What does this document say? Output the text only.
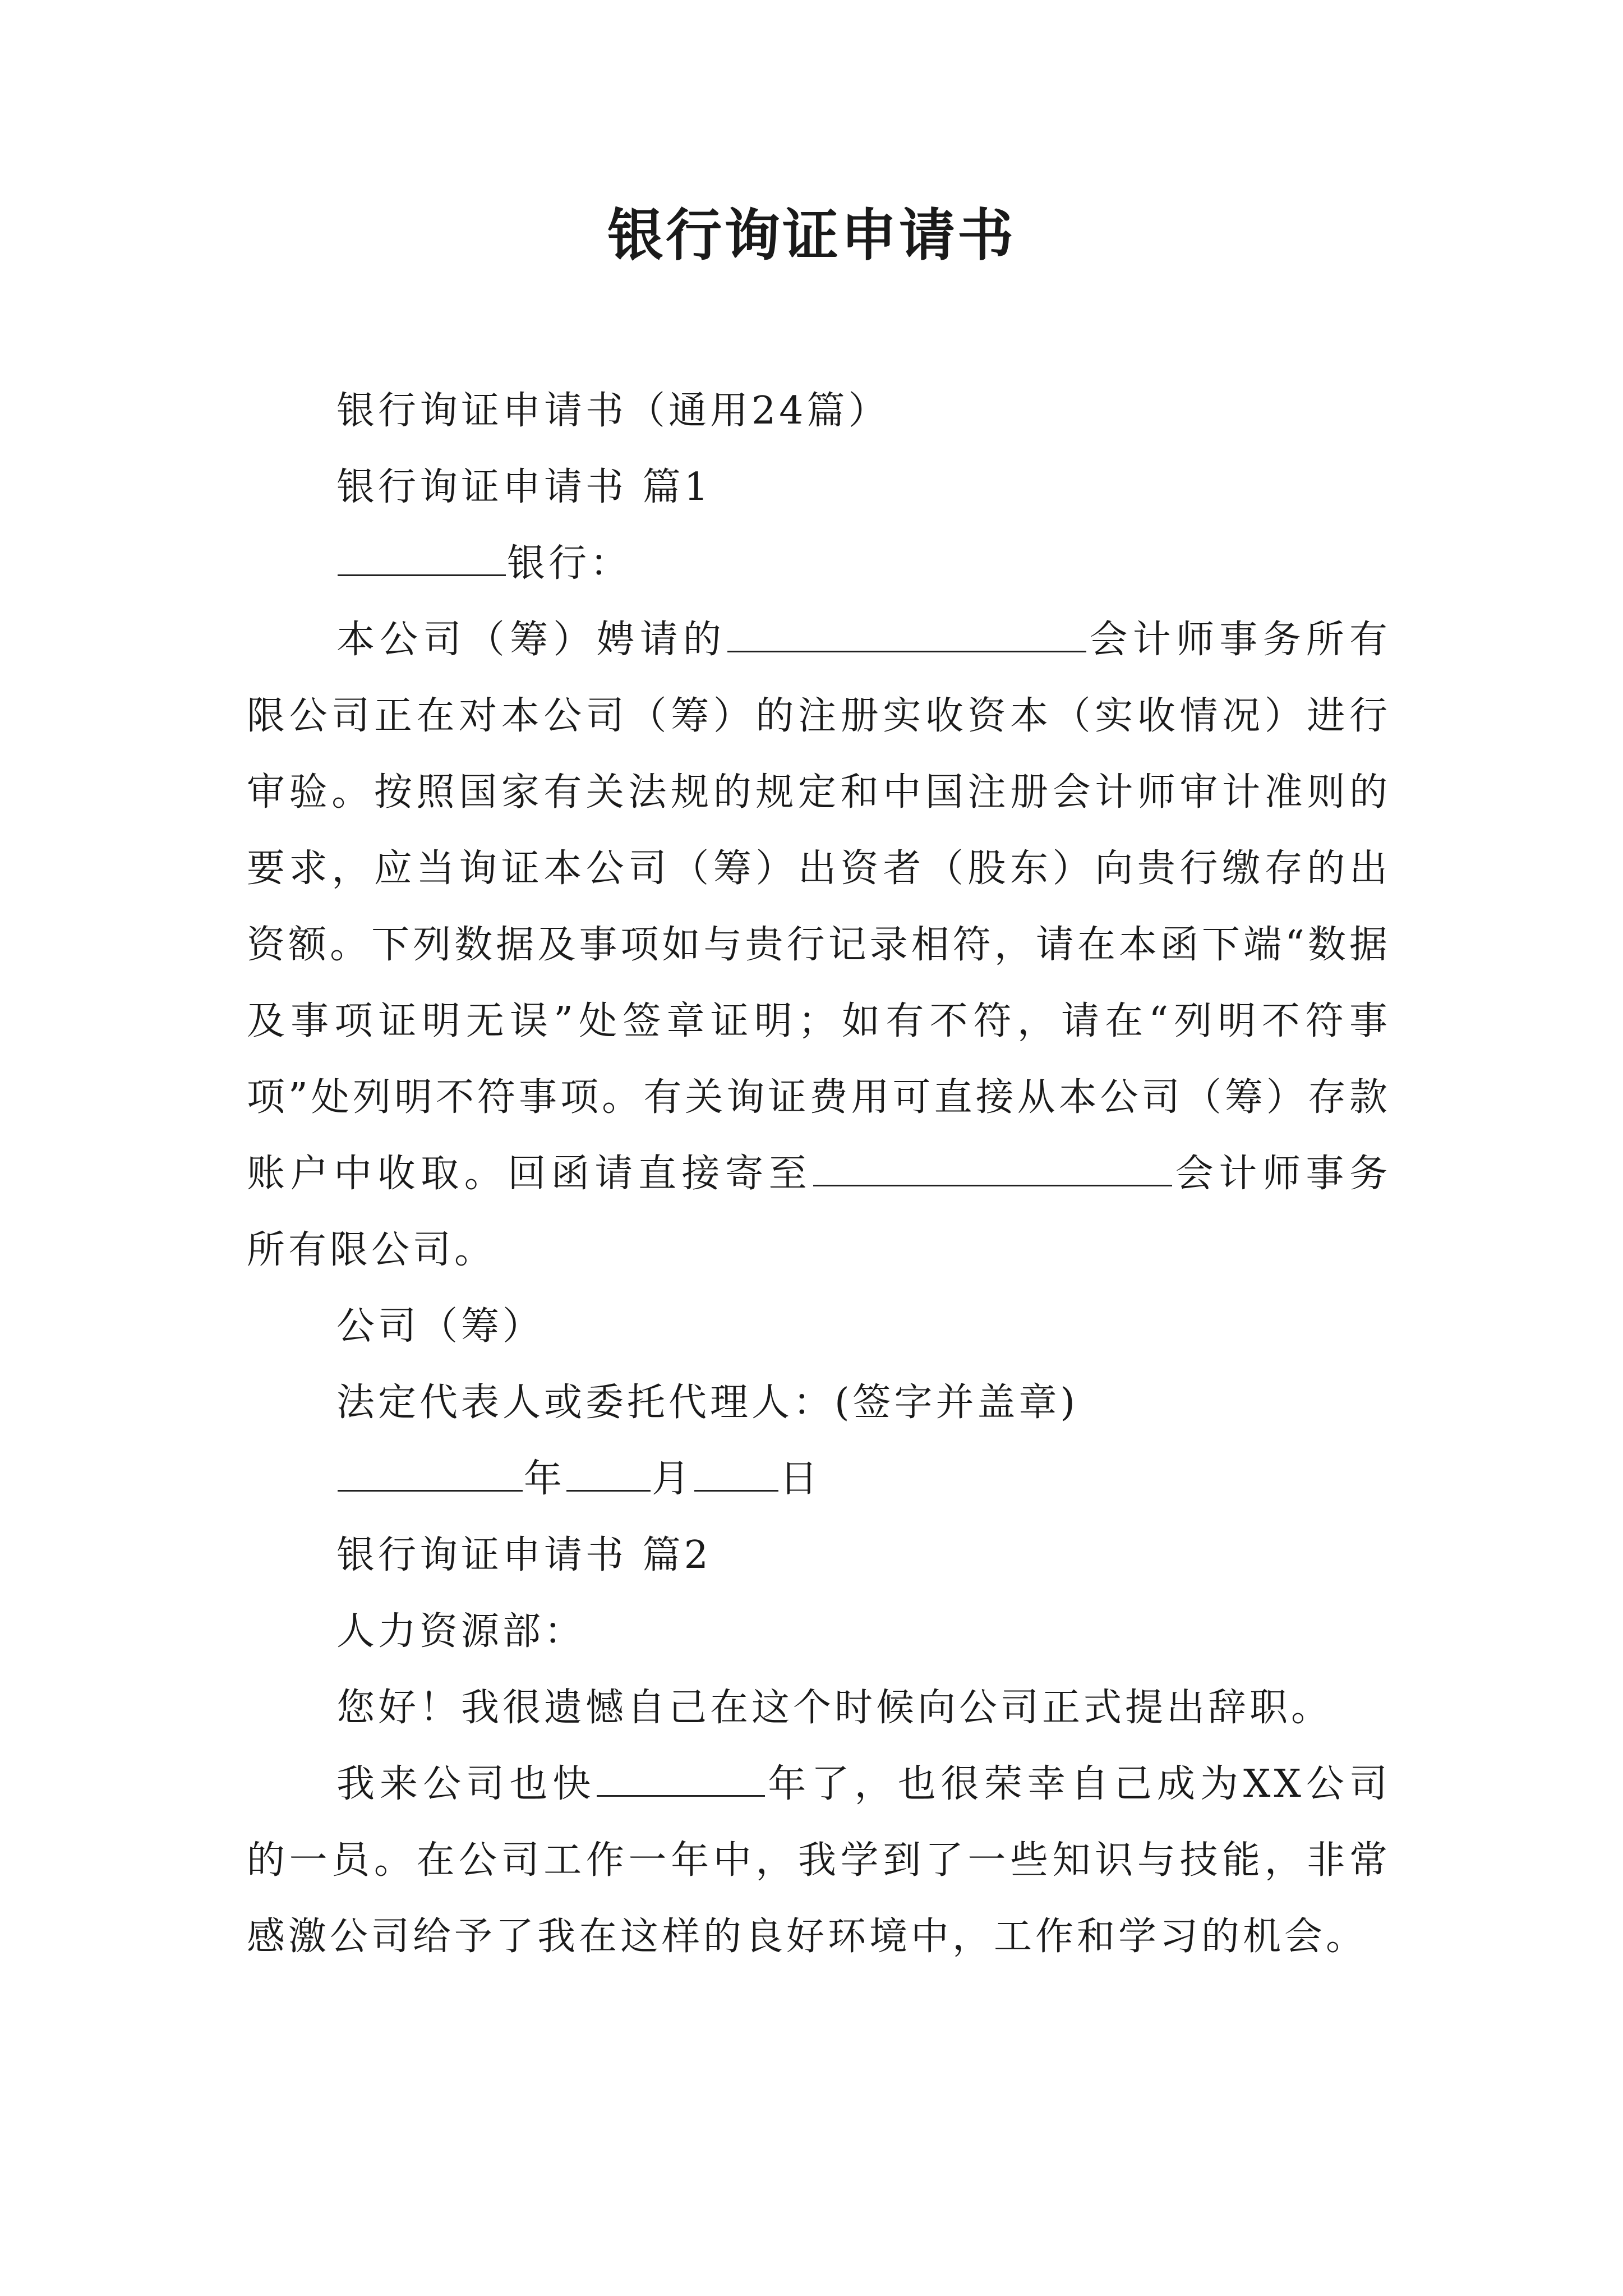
银行询证申请书

银行询证申请书（通用24篇）

银行询证申请书 篇1

银行：

本公司（筹）娉请的	会计师事务所有限公司正在对本公司（筹）的注册实收资本（实收情况）进行审验。按照国家有关法规的规定和中国注册会计师审计准则的要求，应当询证本公司（筹）出资者（股东）向贵行缴存的出资额。下列数据及事项如与贵行记录相符，请在本函下端“数据及事项证明无误”处签章证明；如有不符，请在“列明不符事项”处列明不符事项。有关询证费用可直接从本公司（筹）存款账户中收取。回函请直接寄至	会计师事务所有限公司。

公司（筹）

法定代表人或委托代理人：(签字并盖章)

年 月 日

银行询证申请书 篇2

人力资源部：

您好！我很遗憾自己在这个时候向公司正式提出辞职。

我来公司也快	年了，也很荣幸自己成为XX公司的一员。在公司工作一年中，我学到了一些知识与技能，非常感激公司给予了我在这样的良好环境中，工作和学习的机会。
